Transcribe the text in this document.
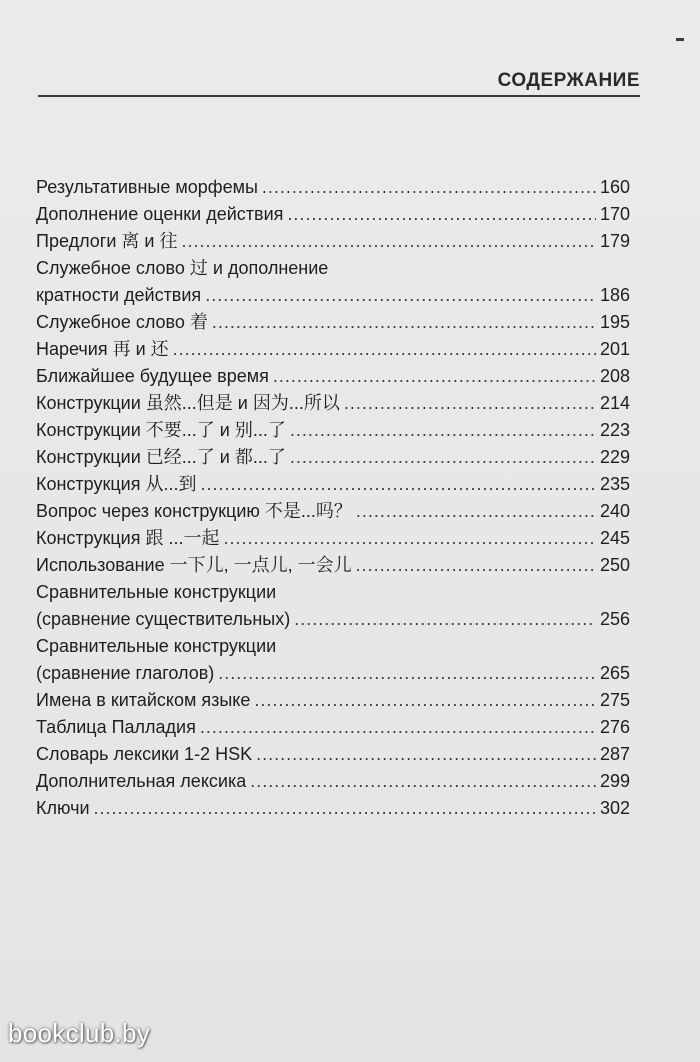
СОДЕРЖАНИЕ
Результативные морфемы .....	160
Дополнение оценки действия .....	170
Предлоги 离 и 往 .....	179
Служебное слово 过 и дополнение
кратности действия .....	186
Служебное слово 着 .....	195
Наречия 再 и 还 .....	201
Ближайшее будущее время .....	208
Конструкции 虽然...但是 и 因为...所以 .....	214
Конструкции 不要...了 и 别...了 .....	223
Конструкции 已经...了 и 都...了 .....	229
Конструкция 从...到 .....	235
Вопрос через конструкцию 不是...吗？ .....	240
Конструкция 跟 ...一起 .....	245
Использование 一下儿, 一点儿, 一会儿 .....	250
Сравнительные конструкции
(сравнение существительных) .....	256
Сравнительные конструкции
(сравнение глаголов) .....	265
Имена в китайском языке .....	275
Таблица Палладия .....	276
Словарь лексики 1-2 HSK .....	287
Дополнительная лексика .....	299
Ключи .....	302
bookclub.by
